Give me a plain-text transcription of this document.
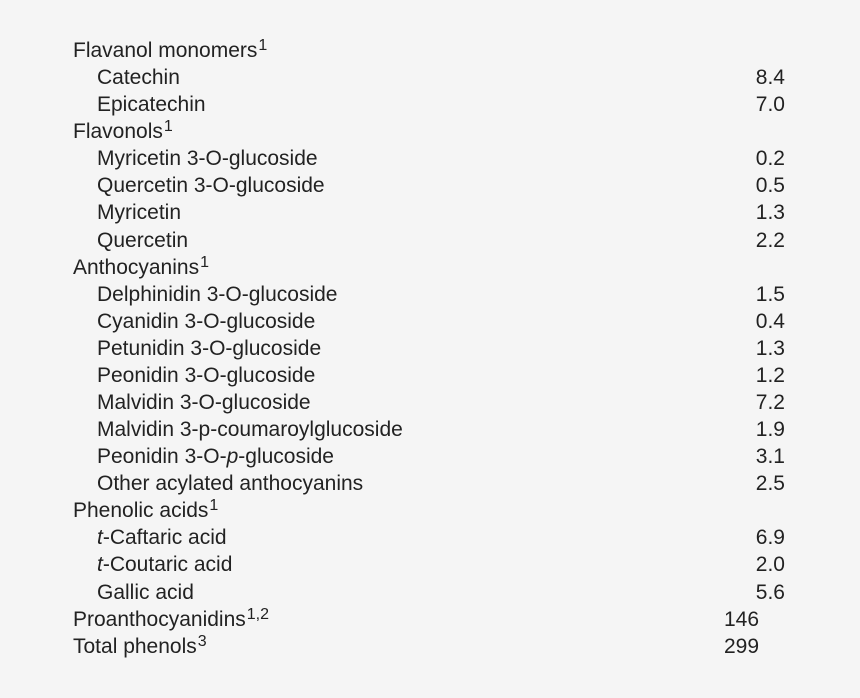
Flavanol monomers$^1$
Catechin	8.4
Epicatechin	7.0
Flavonols$^1$
Myricetin 3-O-glucoside	0.2
Quercetin 3-O-glucoside	0.5
Myricetin	1.3
Quercetin	2.2
Anthocyanins$^1$
Delphinidin 3-O-glucoside	1.5
Cyanidin 3-O-glucoside	0.4
Petunidin 3-O-glucoside	1.3
Peonidin 3-O-glucoside	1.2
Malvidin 3-O-glucoside	7.2
Malvidin 3-p-coumaroylglucoside	1.9
Peonidin 3-O-p-glucoside	3.1
Other acylated anthocyanins	2.5
Phenolic acids$^1$
t-Caftaric acid	6.9
t-Coutaric acid	2.0
Gallic acid	5.6
Proanthocyanidins$^{1,2}$	146
Total phenols$^3$	299
